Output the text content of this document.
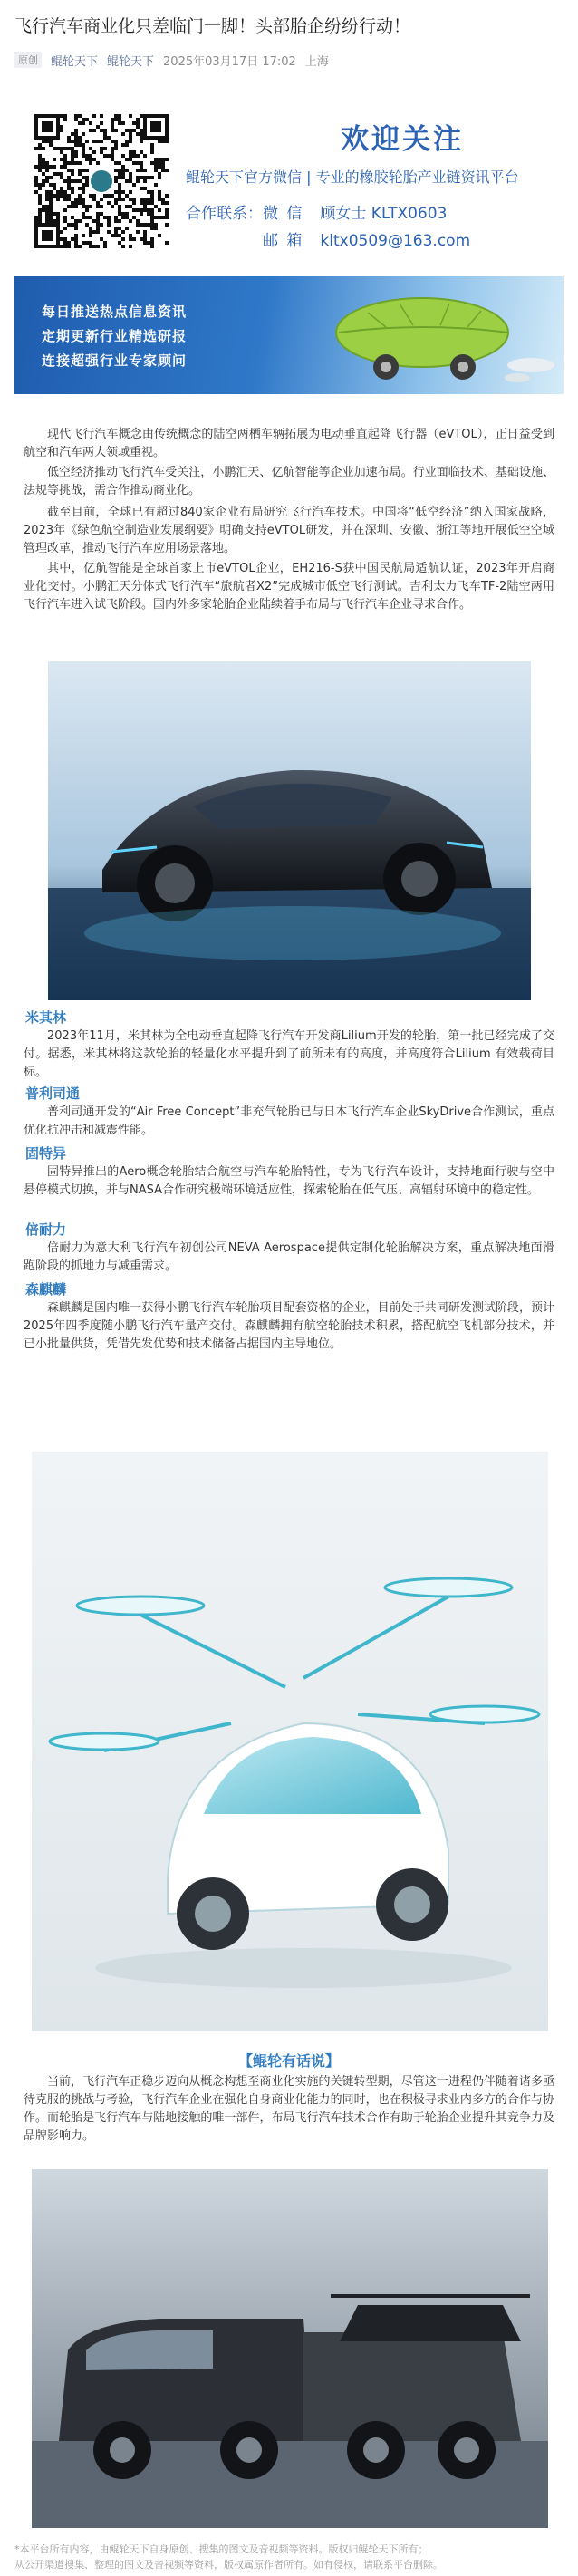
飞行汽车商业化只差临门一脚！头部胎企纷纷行动！
原创	鲲轮天下 鲲轮天下 2025年03月17日 17:02 上海
欢迎关注
鲲轮天下官方微信 | 专业的橡胶轮胎产业链资讯平台
合作联系：微 信 顾女士 KLTX0603
邮 箱 kltx0509@163.com
每日推送热点信息资讯
定期更新行业精选研报
连接超强行业专家顾问

现代飞行汽车概念由传统概念的陆空两栖车辆拓展为电动垂直起降飞行器（eVTOL），正日益受到航空和汽车两大领域重视。

低空经济推动飞行汽车受关注，小鹏汇天、亿航智能等企业加速布局。行业面临技术、基础设施、法规等挑战，需合作推动商业化。

截至目前，全球已有超过840家企业布局研究飞行汽车技术。中国将“低空经济”纳入国家战略，2023年《绿色航空制造业发展纲要》明确支持eVTOL研发，并在深圳、安徽、浙江等地开展低空空域管理改革，推动飞行汽车应用场景落地。

其中，亿航智能是全球首家上市eVTOL企业，EH216-S获中国民航局适航认证，2023年开启商业化交付。小鹏汇天分体式飞行汽车“旅航者X2”完成城市低空飞行测试。吉利太力飞车TF-2陆空两用飞行汽车进入试飞阶段。国内外多家轮胎企业陆续着手布局与飞行汽车企业寻求合作。

米其林

2023年11月，米其林为全电动垂直起降飞行汽车开发商Lilium开发的轮胎，第一批已经完成了交付。据悉，米其林将这款轮胎的轻量化水平提升到了前所未有的高度，并高度符合Lilium 有效载荷目标。

普利司通

普利司通开发的“Air Free Concept”非充气轮胎已与日本飞行汽车企业SkyDrive合作测试，重点优化抗冲击和减震性能。

固特异

固特异推出的Aero概念轮胎结合航空与汽车轮胎特性，专为飞行汽车设计，支持地面行驶与空中悬停模式切换，并与NASA合作研究极端环境适应性，探索轮胎在低气压、高辐射环境中的稳定性。

倍耐力

倍耐力为意大利飞行汽车初创公司NEVA Aerospace提供定制化轮胎解决方案，重点解决地面滑跑阶段的抓地力与减重需求。

森麒麟

森麒麟是国内唯一获得小鹏飞行汽车轮胎项目配套资格的企业，目前处于共同研发测试阶段，预计2025年四季度随小鹏飞行汽车量产交付。森麒麟拥有航空轮胎技术积累，搭配航空飞机部分技术，并已小批量供货，凭借先发优势和技术储备占据国内主导地位。

【鲲轮有话说】

当前，飞行汽车正稳步迈向从概念构想至商业化实施的关键转型期，尽管这一进程仍伴随着诸多亟待克服的挑战与考验，飞行汽车企业在强化自身商业化能力的同时，也在积极寻求业内多方的合作与协作。而轮胎是飞行汽车与陆地接触的唯一部件，布局飞行汽车技术合作有助于轮胎企业提升其竞争力及品牌影响力。

*本平台所有内容，由鲲轮天下自身原创、搜集的图文及音视频等资料。版权归鲲轮天下所有；
从公开渠道搜集、整理的图文及音视频等资料，版权属原作者所有。如有侵权，请联系平台删除。
